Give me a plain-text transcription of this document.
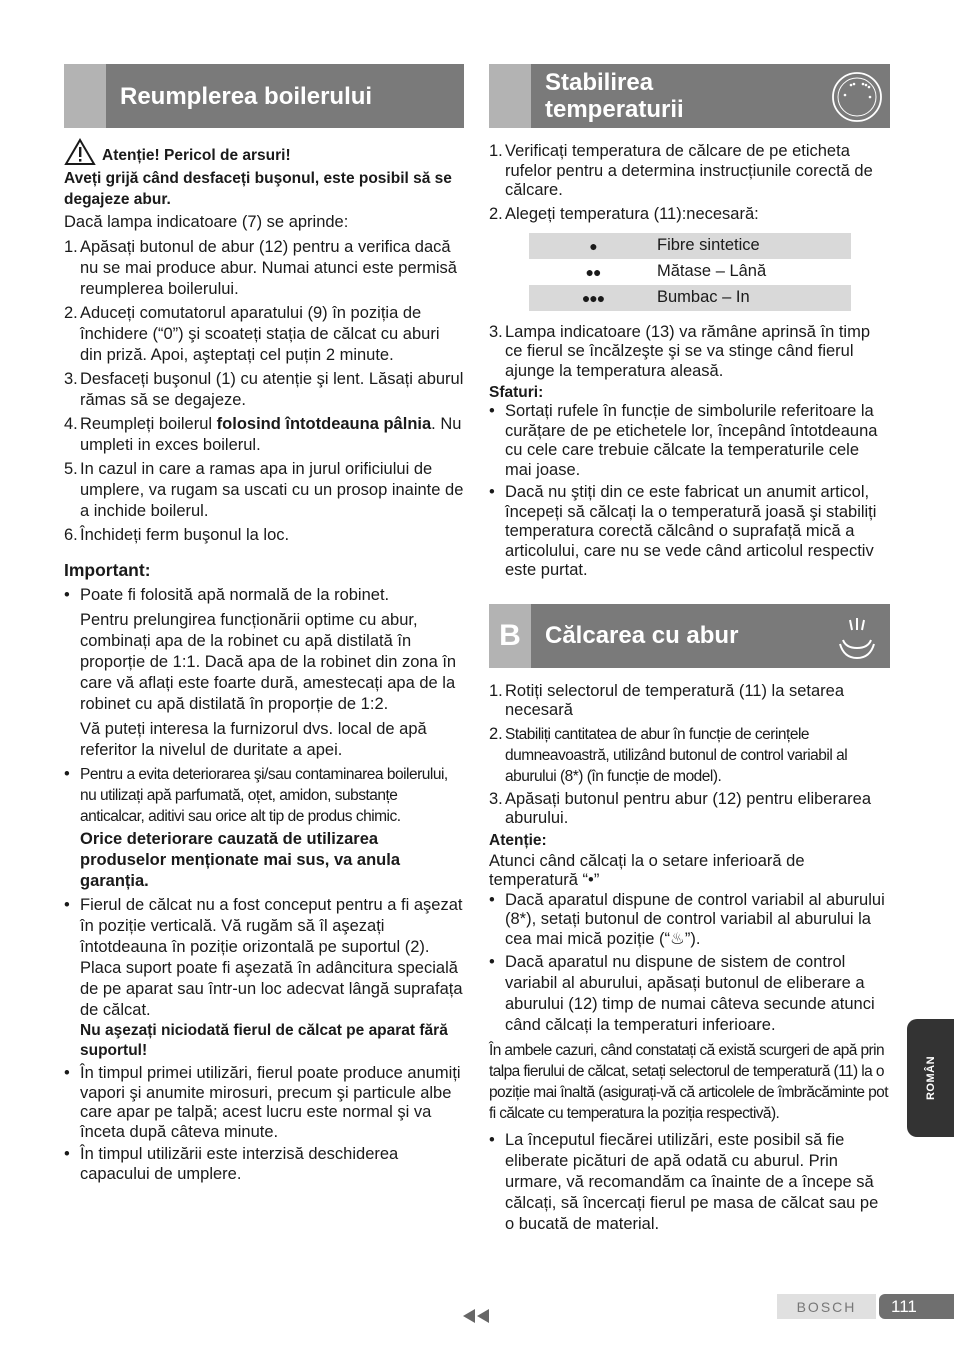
Reumplerea boilerului
Atenție! Pericol de arsuri!

Aveți grijă când desfaceți buşonul, este posibil să se degajeze abur.

Dacă lampa indicatoare (7) se aprinde:

1. Apăsați butonul de abur (12) pentru a verifica dacă nu se mai produce abur. Numai atunci este permisă reumplerea boilerului.
2. Aduceți comutatorul aparatului (9) în poziția de închidere (“0”) şi scoateți stația de călcat cu aburi din priză. Apoi, aşteptați cel puțin 2 minute.
3. Desfaceți buşonul (1) cu atenție şi lent. Lăsați aburul rămas să se degajeze.
4. Reumpleți boilerul folosind întotdeauna pâlnia. Nu umpleti in exces boilerul.
5. In cazul in care a ramas apa in jurul orificiului de umplere, va rugam sa uscati cu un prosop inainte de a inchide boilerul.
6. Închideți ferm buşonul la loc.

Important:

• Poate fi folosită apă normală de la robinet.

Pentru prelungirea funcționării optime cu abur, combinați apa de la robinet cu apă distilată în proporție de 1:1. Dacă apa de la robinet din zona în care vă aflați este foarte dură, amestecați apa de la robinet cu apă distilată în proporție de 1:2.

Vă puteți interesa la furnizorul dvs. local de apă referitor la nivelul de duritate a apei.

• Pentru a evita deteriorarea şi/sau contaminarea boilerului, nu utilizați apă parfumată, oțet, amidon, substanțe anticalcar, aditivi sau orice alt tip de produs chimic.

Orice deteriorare cauzată de utilizarea produselor menționate mai sus, va anula garanția.

• Fierul de călcat nu a fost conceput pentru a fi aşezat în poziție verticală. Vă rugăm să îl aşezați întotdeauna în poziție orizontală pe suportul (2). Placa suport poate fi aşezată în adâncitura specială de pe aparat sau într-un loc adecvat lângă suprafața de călcat.

Nu aşezați niciodată fierul de călcat pe aparat fără suportul!

• În timpul primei utilizări, fierul poate produce anumiți vapori şi anumite mirosuri, precum şi particule albe care apar pe talpă; acest lucru este normal şi va înceta după câteva minute.

• În timpul utilizării este interzisă deschiderea capacului de umplere.

Stabilirea
temperaturii
1. Verificați temperatura de călcare de pe eticheta rufelor pentru a determina instrucțiunile corectă de călcare.
2. Alegeți temperatura (11):necesară:
●	Fibre sintetice
●●	Mătase – Lână
●●●	Bumbac – In
3. Lampa indicatoare (13) va rămâne aprinsă în timp ce fierul se încălzeşte şi se va stinge când fierul ajunge la temperatura aleasă.

Sfaturi:

• Sortați rufele în funcție de simbolurile referitoare la curățare de pe etichetele lor, începând întotdeauna cu cele care trebuie călcate la temperaturile cele mai joase.

• Dacă nu ştiți din ce este fabricat un anumit articol, începeți să călcați la o temperatură joasă şi stabiliți temperatura corectă călcând o suprafață mică a articolului, care nu se vede când articolul respectiv este purtat.

B	Călcarea cu abur
1. Rotiți selectorul de temperatură (11) la setarea necesară
2. Stabiliți cantitatea de abur în funcție de cerințele dumneavoastră, utilizând butonul de control variabil al aburului (8*) (în funcție de model).
3. Apăsați butonul pentru abur (12) pentru eliberarea aburului.

Atenție:

Atunci când călcați la o setare inferioară de temperatură “•”

• Dacă aparatul dispune de control variabil al aburului (8*), setați butonul de control variabil al aburului la cea mai mică poziție (“♨”).

• Dacă aparatul nu dispune de sistem de control variabil al aburului, apăsați butonul de eliberare a aburului (12) timp de numai câteva secunde atunci când călcați la temperaturi inferioare.

În ambele cazuri, când constatați că există scurgeri de apă prin talpa fierului de călcat, setați selectorul de temperatură (11) la o poziție mai înaltă (asigurați-vă că articolele de îmbrăcăminte pot fi călcate cu temperatura la poziția respectivă).

• La începutul fiecărei utilizări, este posibil să fie eliberate picături de apă odată cu aburul. Prin urmare, vă recomandăm ca înainte de a începe să călcați, să încercați fierul pe masa de călcat sau pe o bucată de material.

ROMÂN
BOSCH	111
